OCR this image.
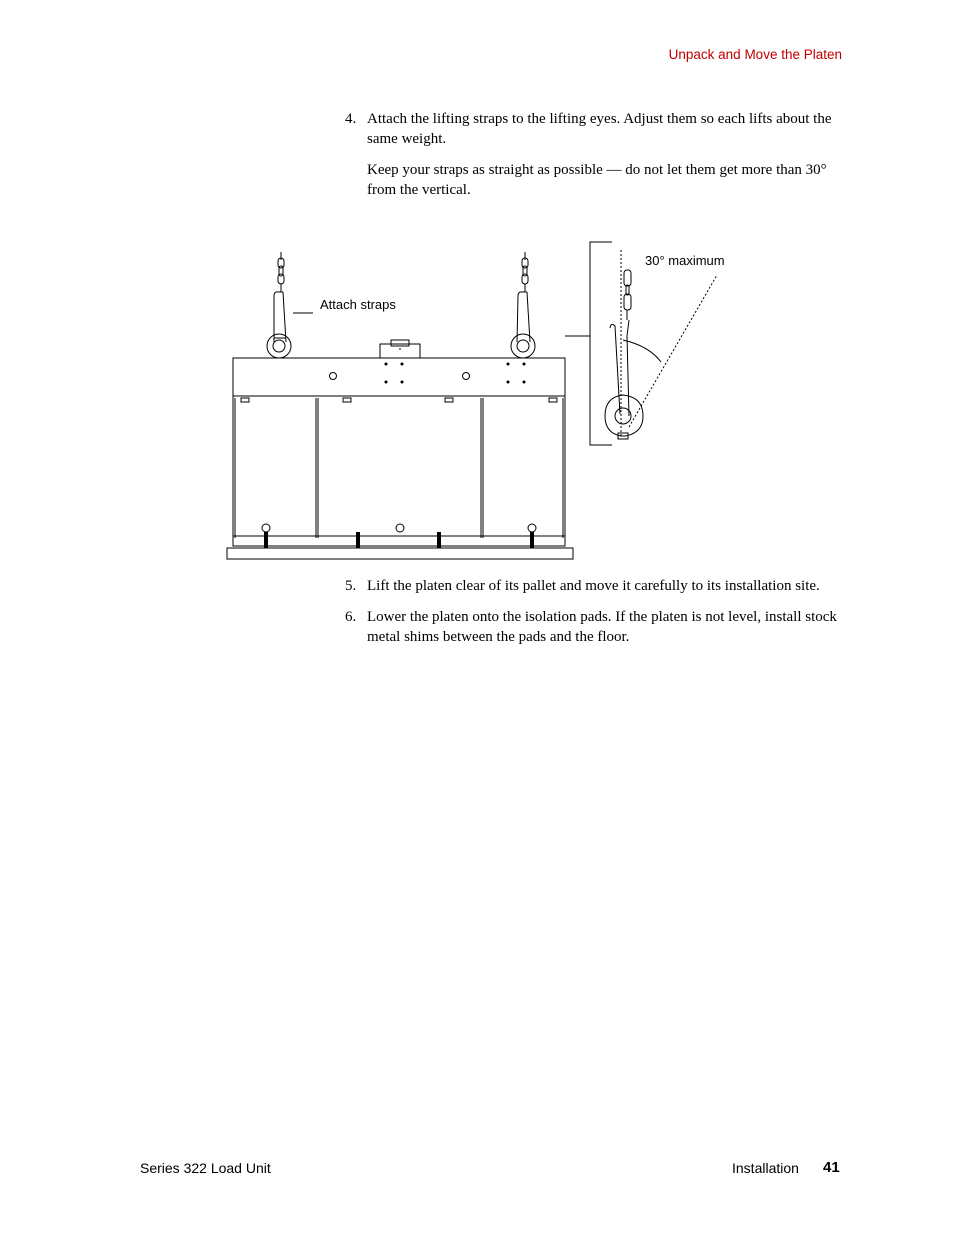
Unpack and Move the Platen
4. Attach the lifting straps to the lifting eyes. Adjust them so each lifts about the same weight.
Keep your straps as straight as possible — do not let them get more than 30° from the vertical.
Attach straps
30° maximum
5. Lift the platen clear of its pallet and move it carefully to its installation site.
6. Lower the platen onto the isolation pads. If the platen is not level, install stock metal shims between the pads and the floor.
Series 322 Load Unit	Installation 41
